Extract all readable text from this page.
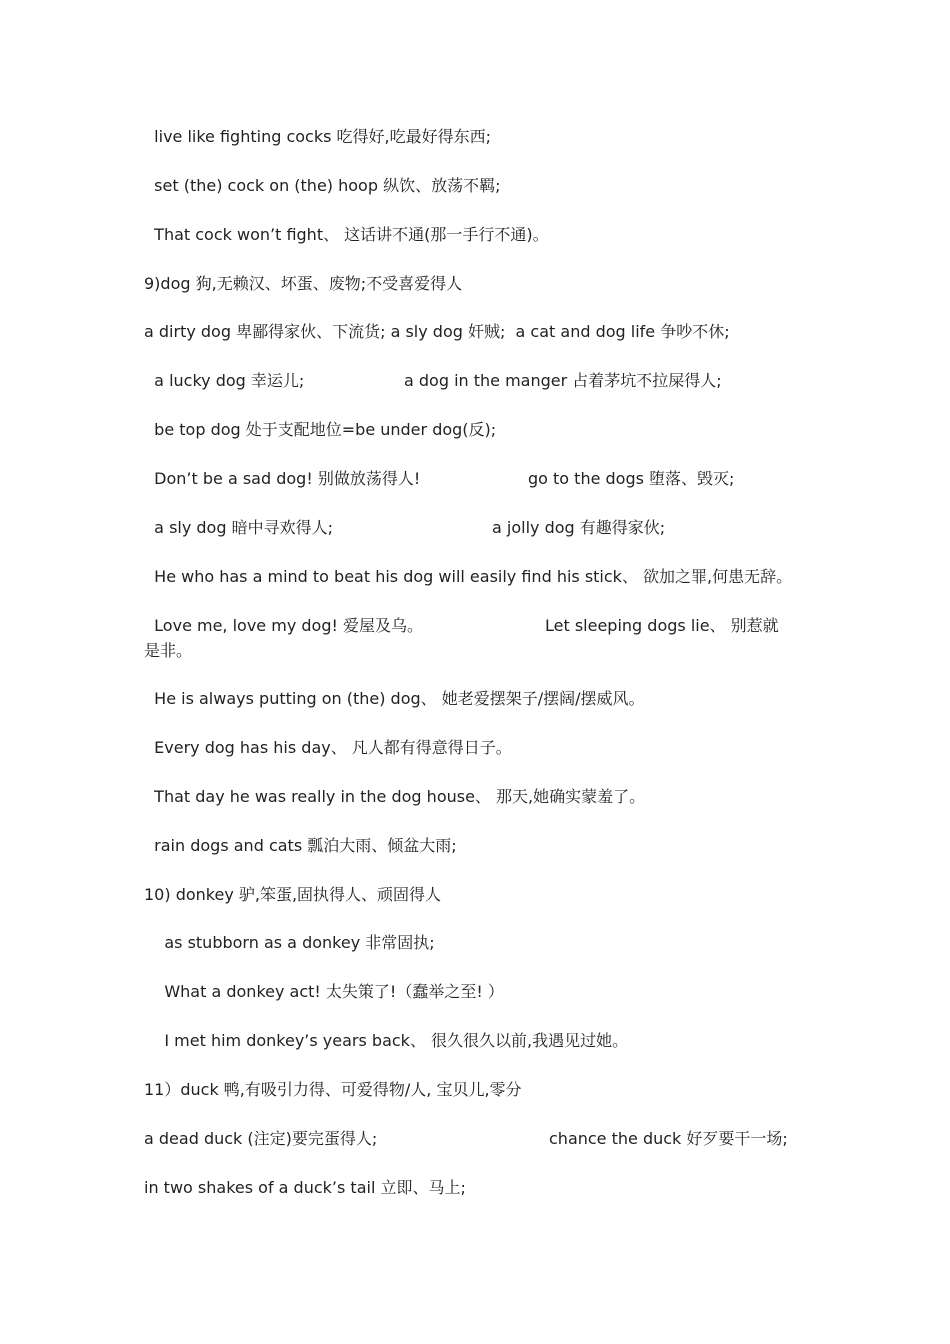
live like fighting cocks 吃得好,吃最好得东西;
set (the) cock on (the) hoop 纵饮、放荡不羁;
That cock won’t fight、 这话讲不通(那一手行不通)。
9)dog 狗,无赖汉、坏蛋、废物;不受喜爱得人
a dirty dog 卑鄙得家伙、下流货; a sly dog 奸贼;  a cat and dog life 争吵不休;
a lucky dog 幸运儿;	a dog in the manger 占着茅坑不拉屎得人;
be top dog 处于支配地位=be under dog(反);
Don’t be a sad dog! 别做放荡得人!	go to the dogs 堕落、毁灭;
a sly dog 暗中寻欢得人;	a jolly dog 有趣得家伙;
He who has a mind to beat his dog will easily find his stick、 欲加之罪,何患无辞。
Love me, love my dog! 爱屋及乌。	Let sleeping dogs lie、 别惹就
是非。
He is always putting on (the) dog、 她老爱摆架子/摆阔/摆威风。
Every dog has his day、 凡人都有得意得日子。
That day he was really in the dog house、 那天,她确实蒙羞了。
rain dogs and cats 瓢泊大雨、倾盆大雨;
10) donkey 驴,笨蛋,固执得人、顽固得人
as stubborn as a donkey 非常固执;
What a donkey act! 太失策了!（蠢举之至! ）
I met him donkey’s years back、 很久很久以前,我遇见过她。
11）duck 鸭,有吸引力得、可爱得物/人, 宝贝儿,零分
a dead duck (注定)要完蛋得人;	chance the duck 好歹要干一场;
in two shakes of a duck’s tail 立即、马上;
